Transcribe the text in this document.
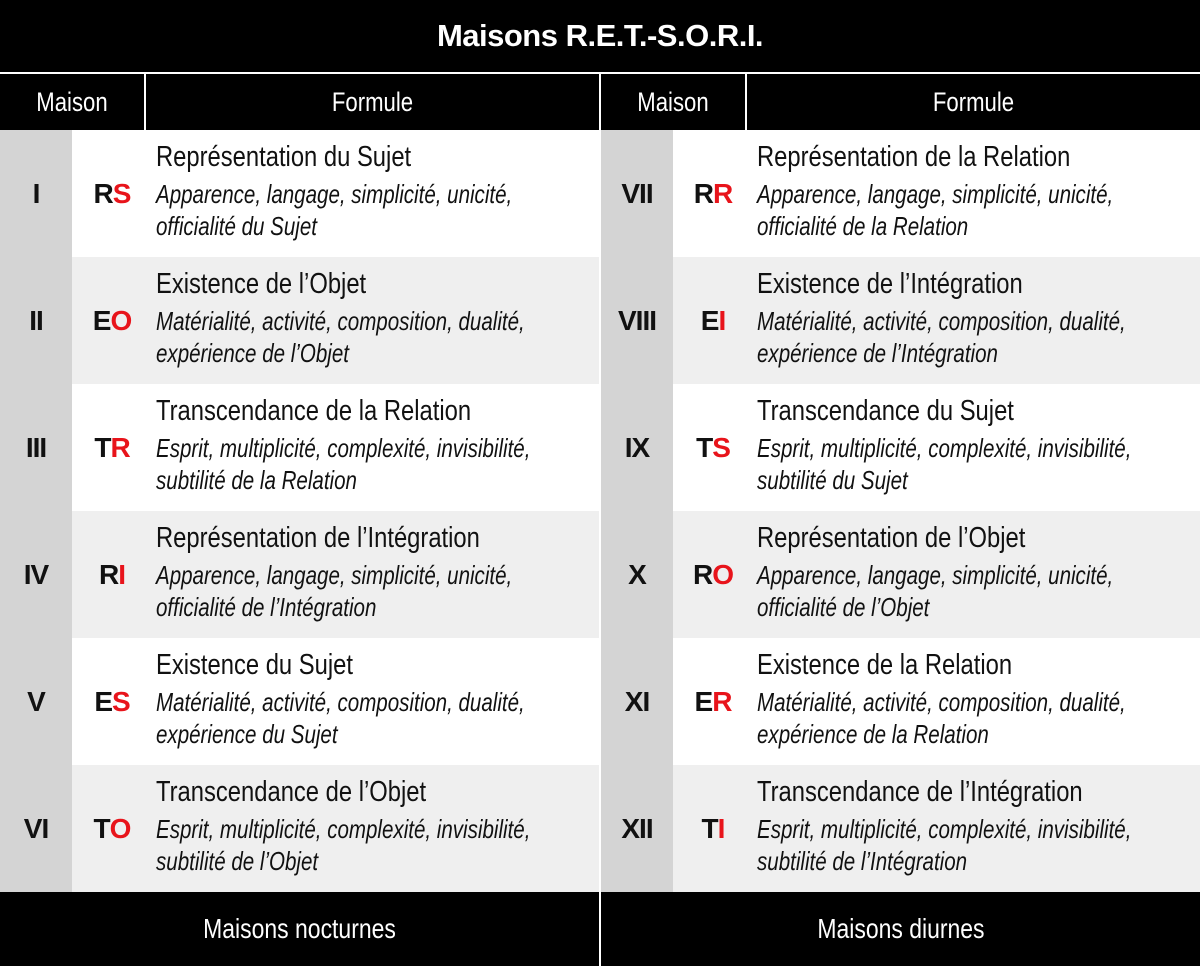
Maisons R.E.T.-S.O.R.I.
Maison	Formule
I	R S
Représentation du Sujet
Apparence, langage, simplicité, unicité,
officialité du Sujet
II	E O
Existence de l’Objet
Matérialité, activité, composition, dualité,
expérience de l’Objet
III	T R
Transcendance de la Relation
Esprit, multiplicité, complexité, invisibilité,
subtilité de la Relation
IV	R I
Représentation de l’Intégration
Apparence, langage, simplicité, unicité,
officialité de l’Intégration
V	E S
Existence du Sujet
Matérialité, activité, composition, dualité,
expérience du Sujet
VI	T O
Transcendance de l’Objet
Esprit, multiplicité, complexité, invisibilité,
subtilité de l’Objet
Maisons nocturnes
Maison	Formule
VII	R R
Représentation de la Relation
Apparence, langage, simplicité, unicité,
officialité de la Relation
VIII	E I
Existence de l’Intégration
Matérialité, activité, composition, dualité,
expérience de l’Intégration
IX	T S
Transcendance du Sujet
Esprit, multiplicité, complexité, invisibilité,
subtilité du Sujet
X	R O
Représentation de l’Objet
Apparence, langage, simplicité, unicité,
officialité de l’Objet
XI	E R
Existence de la Relation
Matérialité, activité, composition, dualité,
expérience de la Relation
XII	T I
Transcendance de l’Intégration
Esprit, multiplicité, complexité, invisibilité,
subtilité de l’Intégration
Maisons diurnes
